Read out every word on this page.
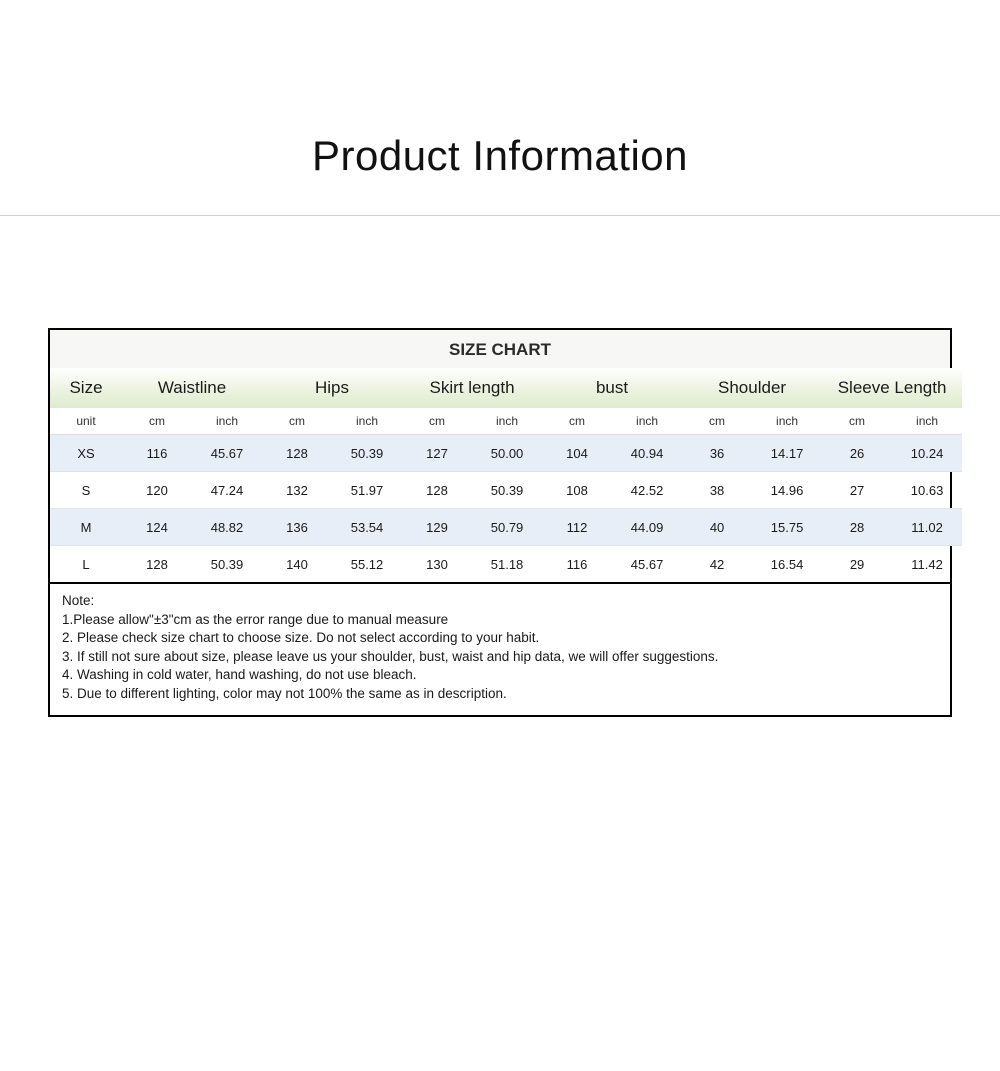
Product Information
SIZE CHART
Size	Waistline		Hips		Skirt length		bust		Shoulder		Sleeve Length	
unit	cm	inch	cm	inch	cm	inch	cm	inch	cm	inch	cm	inch
XS	116	45.67	128	50.39	127	50.00	104	40.94	36	14.17	26	10.24
S	120	47.24	132	51.97	128	50.39	108	42.52	38	14.96	27	10.63
M	124	48.82	136	53.54	129	50.79	112	44.09	40	15.75	28	11.02
L	128	50.39	140	55.12	130	51.18	116	45.67	42	16.54	29	11.42
Note:
1.Please allow"±3"cm as the error range due to manual measure
2. Please check size chart to choose size. Do not select according to your habit.
3. If still not sure about size, please leave us your shoulder, bust, waist and hip data, we will offer suggestions.
4. Washing in cold water, hand washing, do not use bleach.
5. Due to different lighting, color may not 100% the same as in description.
